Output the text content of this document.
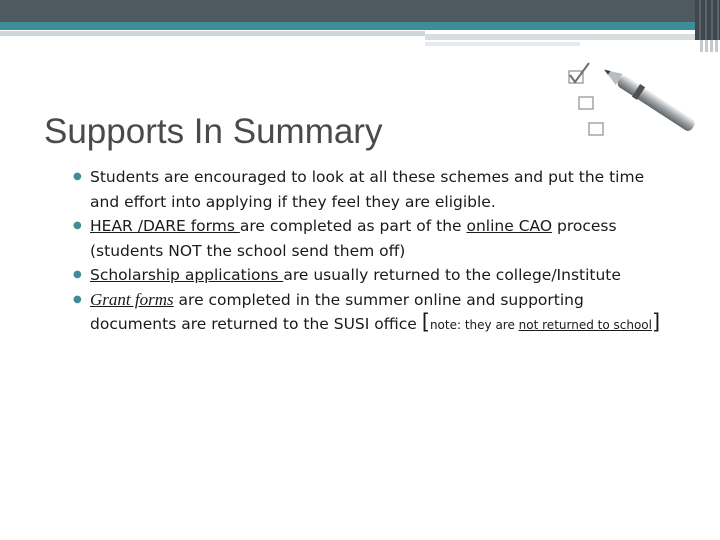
Supports In Summary
● Students are encouraged to look at all these schemes and put the time and effort into applying if they feel they are eligible.
● HEAR /DARE forms are completed as part of the online CAO process (students NOT the school send them off)
● Scholarship applications are usually returned to the college/Institute
● Grant forms are completed in the summer online and supporting documents are returned to the SUSI office [note: they are not returned to school]
